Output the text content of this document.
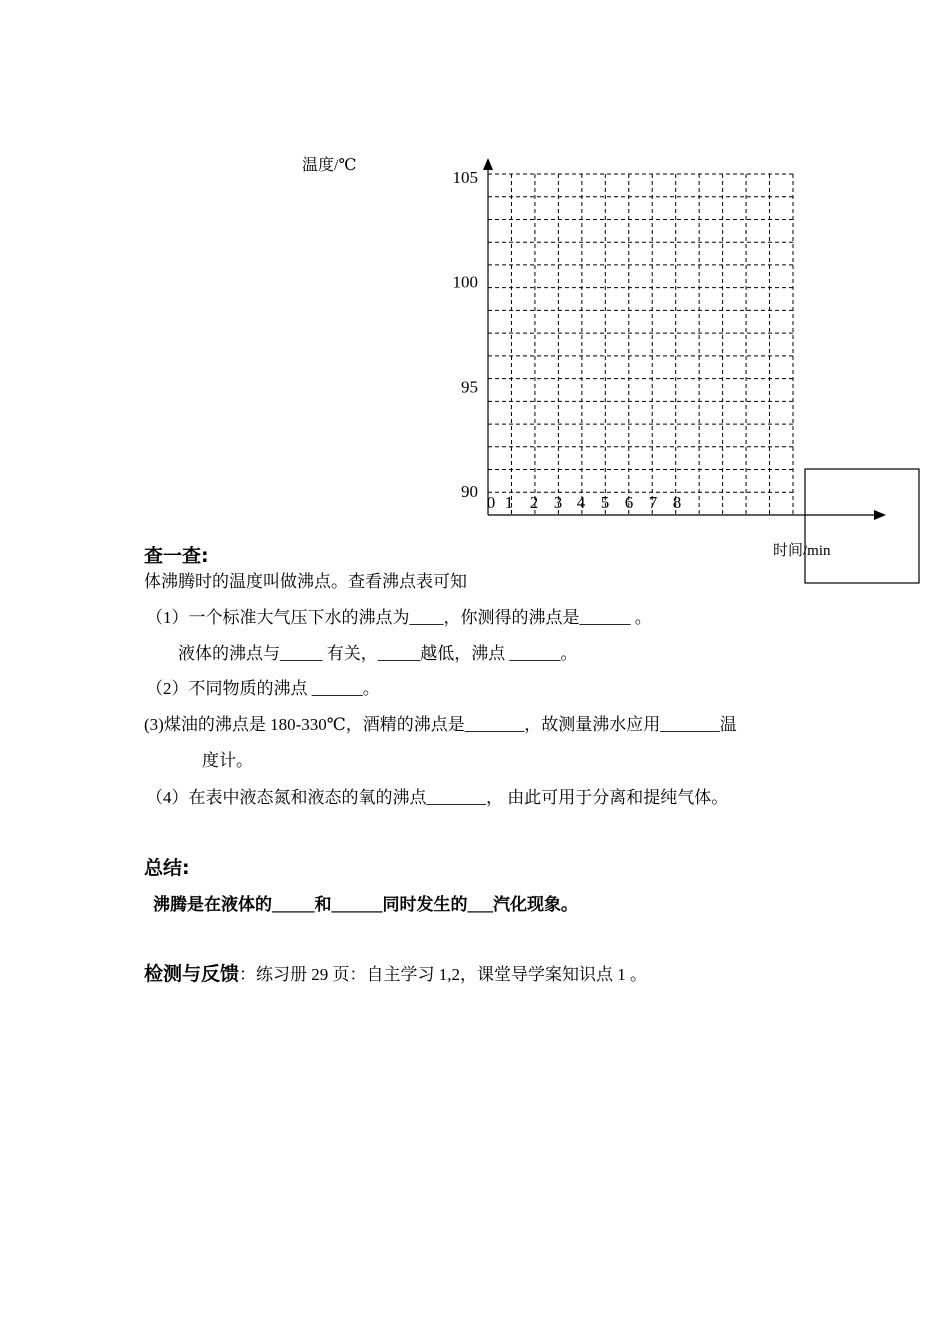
105
100
95
90
0 1 2 3 4 5 6 7 8
温度/℃
时间/min
查一查:
体沸腾时的温度叫做沸点。查看沸点表可知
（1）一个标准大气压下水的沸点为____，你测得的沸点是______ 。
液体的沸点与_____ 有关，_____越低，沸点 ______。
（2）不同物质的沸点 ______。
(3)煤油的沸点是 180-330℃，酒精的沸点是_______，故测量沸水应用_______温
度计。
（4）在表中液态氮和液态的氧的沸点_______， 由此可用于分离和提纯气体。
总结:
沸腾是在液体的_____和______同时发生的___汽化现象。
检测与反馈：练习册 29 页：自主学习 1,2，课堂导学案知识点 1 。
